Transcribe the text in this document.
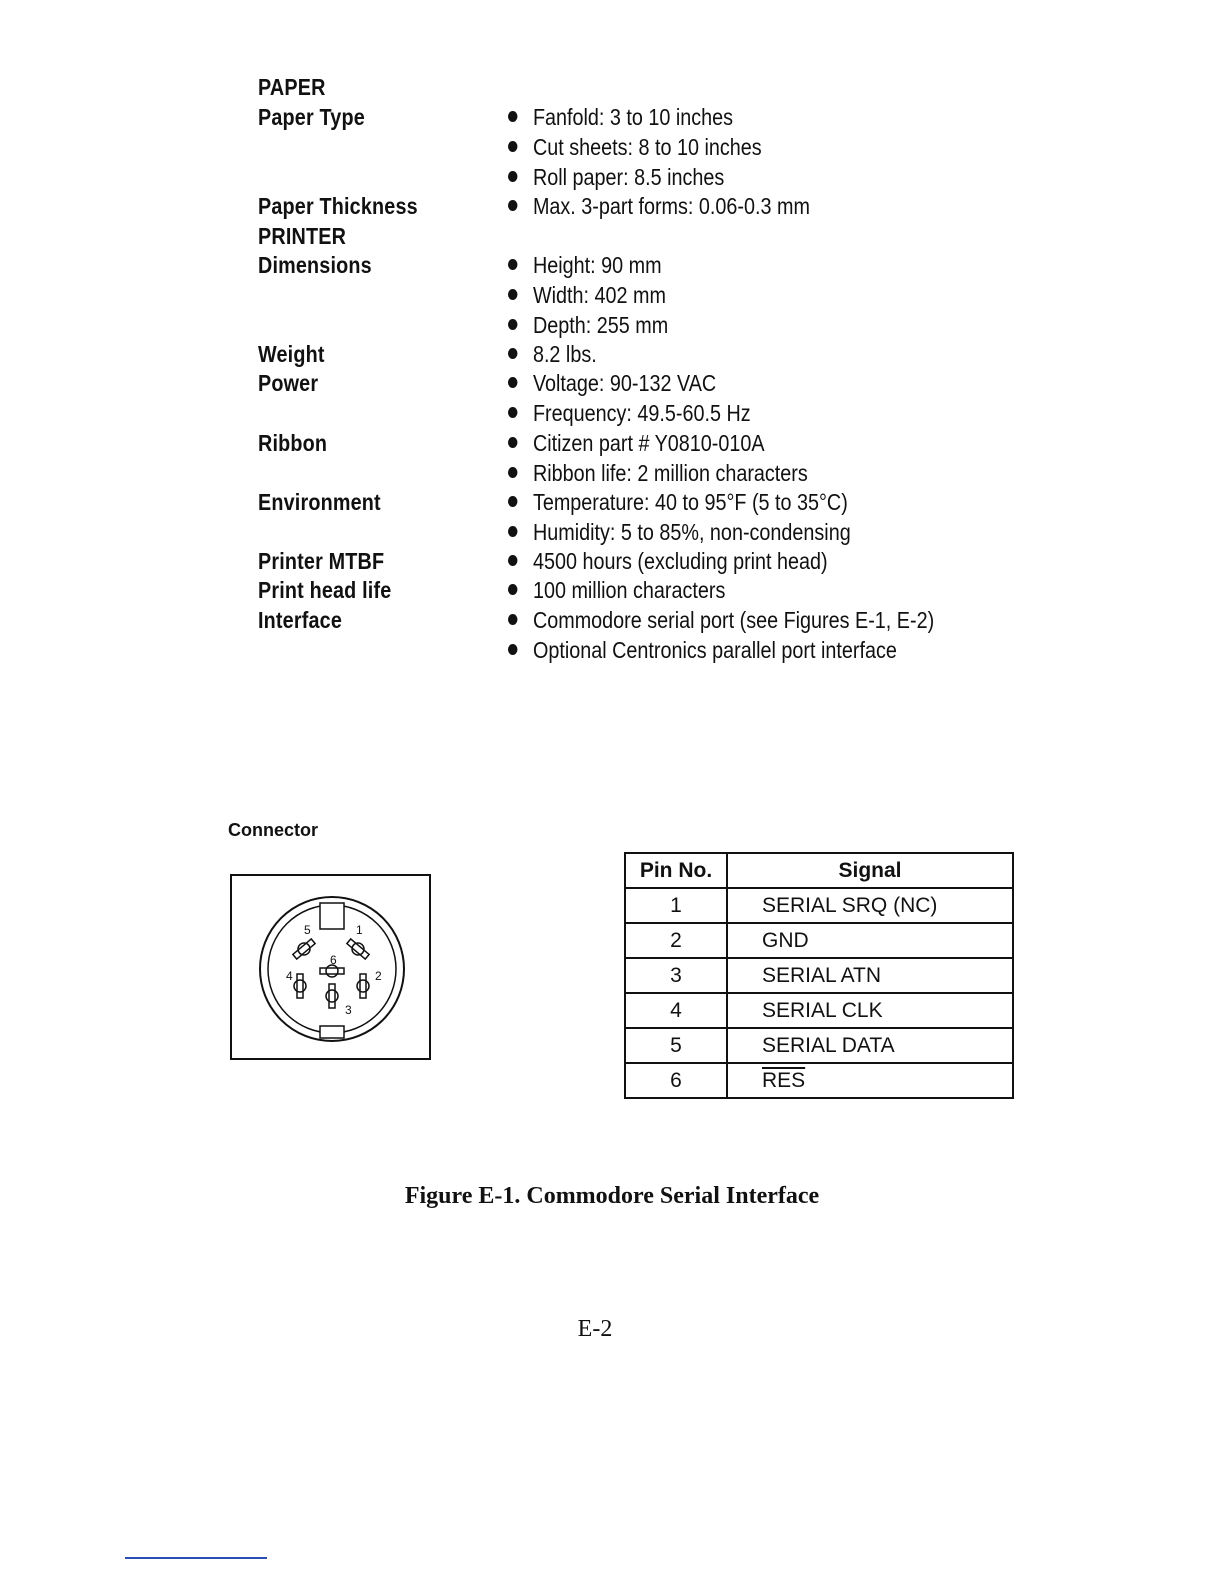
PAPER
Paper Type	Fanfold: 3 to 10 inches
Cut sheets: 8 to 10 inches
Roll paper: 8.5 inches
Paper Thickness	Max. 3-part forms: 0.06-0.3 mm
PRINTER
Dimensions	Height: 90 mm
Width: 402 mm
Depth: 255 mm
Weight	8.2 lbs.
Power	Voltage: 90-132 VAC
Frequency: 49.5-60.5 Hz
Ribbon	Citizen part # Y0810-010A
Ribbon life: 2 million characters
Environment	Temperature: 40 to 95°F (5 to 35°C)
Humidity: 5 to 85%, non-condensing
Printer MTBF	4500 hours (excluding print head)
Print head life	100 million characters
Interface	Commodore serial port (see Figures E-1, E-2)
Optional Centronics parallel port interface
Connector
5	1
6
4	2
3
Pin No.	Signal
1	SERIAL SRQ (NC)
2	GND
3	SERIAL ATN
4	SERIAL CLK
5	SERIAL DATA
6	$\overline{RES}$
Figure E-1. Commodore Serial Interface
E-2
